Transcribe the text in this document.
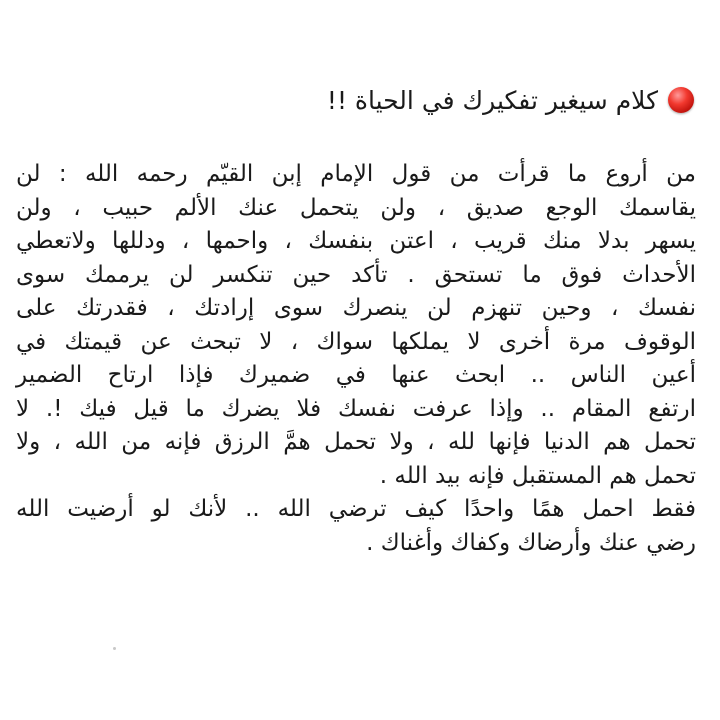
كلام سيغير تفكيرك في الحياة !!
من أروع ما قرأت من قول الإمام إبن القيّم رحمه الله : لن
يقاسمك الوجع صديق ، ولن يتحمل عنك الألم حبيب ، ولن
يسهر بدلا منك قريب ، اعتن بنفسك ، واحمها ، ودللها ولاتعطي
الأحداث فوق ما تستحق . تأكد حين تنكسر لن يرممك سوى
نفسك ، وحين تنهزم لن ينصرك سوى إرادتك ، فقدرتك على
الوقوف مرة أخرى لا يملكها سواك ، لا تبحث عن قيمتك في
أعين الناس .. ابحث عنها في ضميرك فإذا ارتاح الضمير
ارتفع المقام .. وإذا عرفت نفسك فلا يضرك ما قيل فيك !. لا
تحمل هم الدنيا فإنها لله ، ولا تحمل همَّ الرزق فإنه من الله ، ولا
تحمل هم المستقبل فإنه بيد الله .
فقط احمل همًا واحدًا كيف ترضي الله .. لأنك لو أرضيت الله
رضي عنك وأرضاك وكفاك وأغناك .
